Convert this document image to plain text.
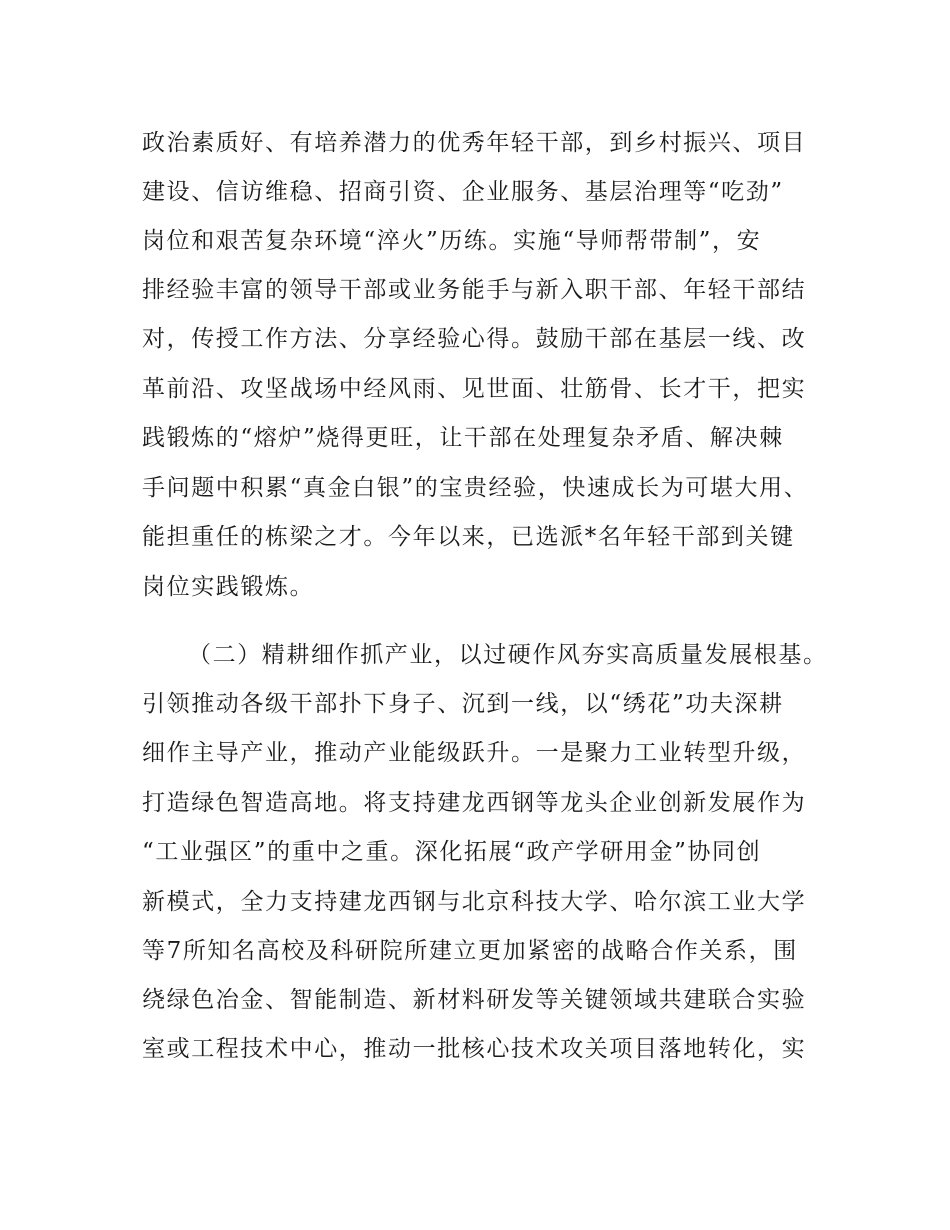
政治素质好、有培养潜力的优秀年轻干部，到乡村振兴、项目
建设、信访维稳、招商引资、企业服务、基层治理等“吃劲”
岗位和艰苦复杂环境“淬火”历练。实施“导师帮带制”，安
排经验丰富的领导干部或业务能手与新入职干部、年轻干部结
对，传授工作方法、分享经验心得。鼓励干部在基层一线、改
革前沿、攻坚战场中经风雨、见世面、壮筋骨、长才干，把实
践锻炼的“熔炉”烧得更旺，让干部在处理复杂矛盾、解决棘
手问题中积累“真金白银”的宝贵经验，快速成长为可堪大用、
能担重任的栋梁之才。今年以来，已选派*名年轻干部到关键
岗位实践锻炼。
（二）精耕细作抓产业，以过硬作风夯实高质量发展根基。
引领推动各级干部扑下身子、沉到一线，以“绣花”功夫深耕
细作主导产业，推动产业能级跃升。一是聚力工业转型升级，
打造绿色智造高地。将支持建龙西钢等龙头企业创新发展作为
“工业强区”的重中之重。深化拓展“政产学研用金”协同创
新模式，全力支持建龙西钢与北京科技大学、哈尔滨工业大学
等7所知名高校及科研院所建立更加紧密的战略合作关系，围
绕绿色冶金、智能制造、新材料研发等关键领域共建联合实验
室或工程技术中心，推动一批核心技术攻关项目落地转化，实
